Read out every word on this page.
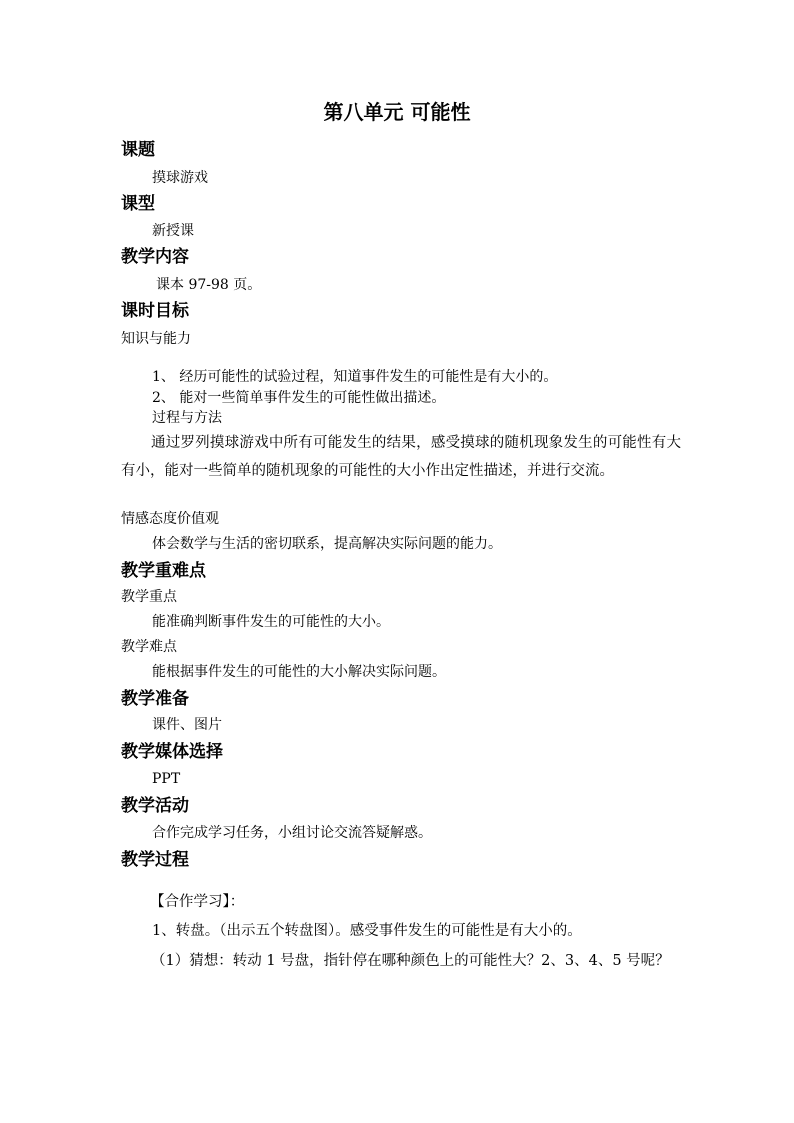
第八单元 可能性
课题
摸球游戏
课型
新授课
教学内容
课本 97-98 页。
课时目标
知识与能力
1、 经历可能性的试验过程，知道事件发生的可能性是有大小的。
2、 能对一些简单事件发生的可能性做出描述。
过程与方法
通过罗列摸球游戏中所有可能发生的结果，感受摸球的随机现象发生的可能性有大有小，能对一些简单的随机现象的可能性的大小作出定性描述，并进行交流。
情感态度价值观
体会数学与生活的密切联系，提高解决实际问题的能力。
教学重难点
教学重点
能准确判断事件发生的可能性的大小。
教学难点
能根据事件发生的可能性的大小解决实际问题。
教学准备
课件、图片
教学媒体选择
PPT
教学活动
合作完成学习任务，小组讨论交流答疑解惑。
教学过程
【合作学习】：
1、转盘。（出示五个转盘图）。感受事件发生的可能性是有大小的。
（1）猜想：转动 1 号盘，指针停在哪种颜色上的可能性大？2、3、4、5 号呢？
